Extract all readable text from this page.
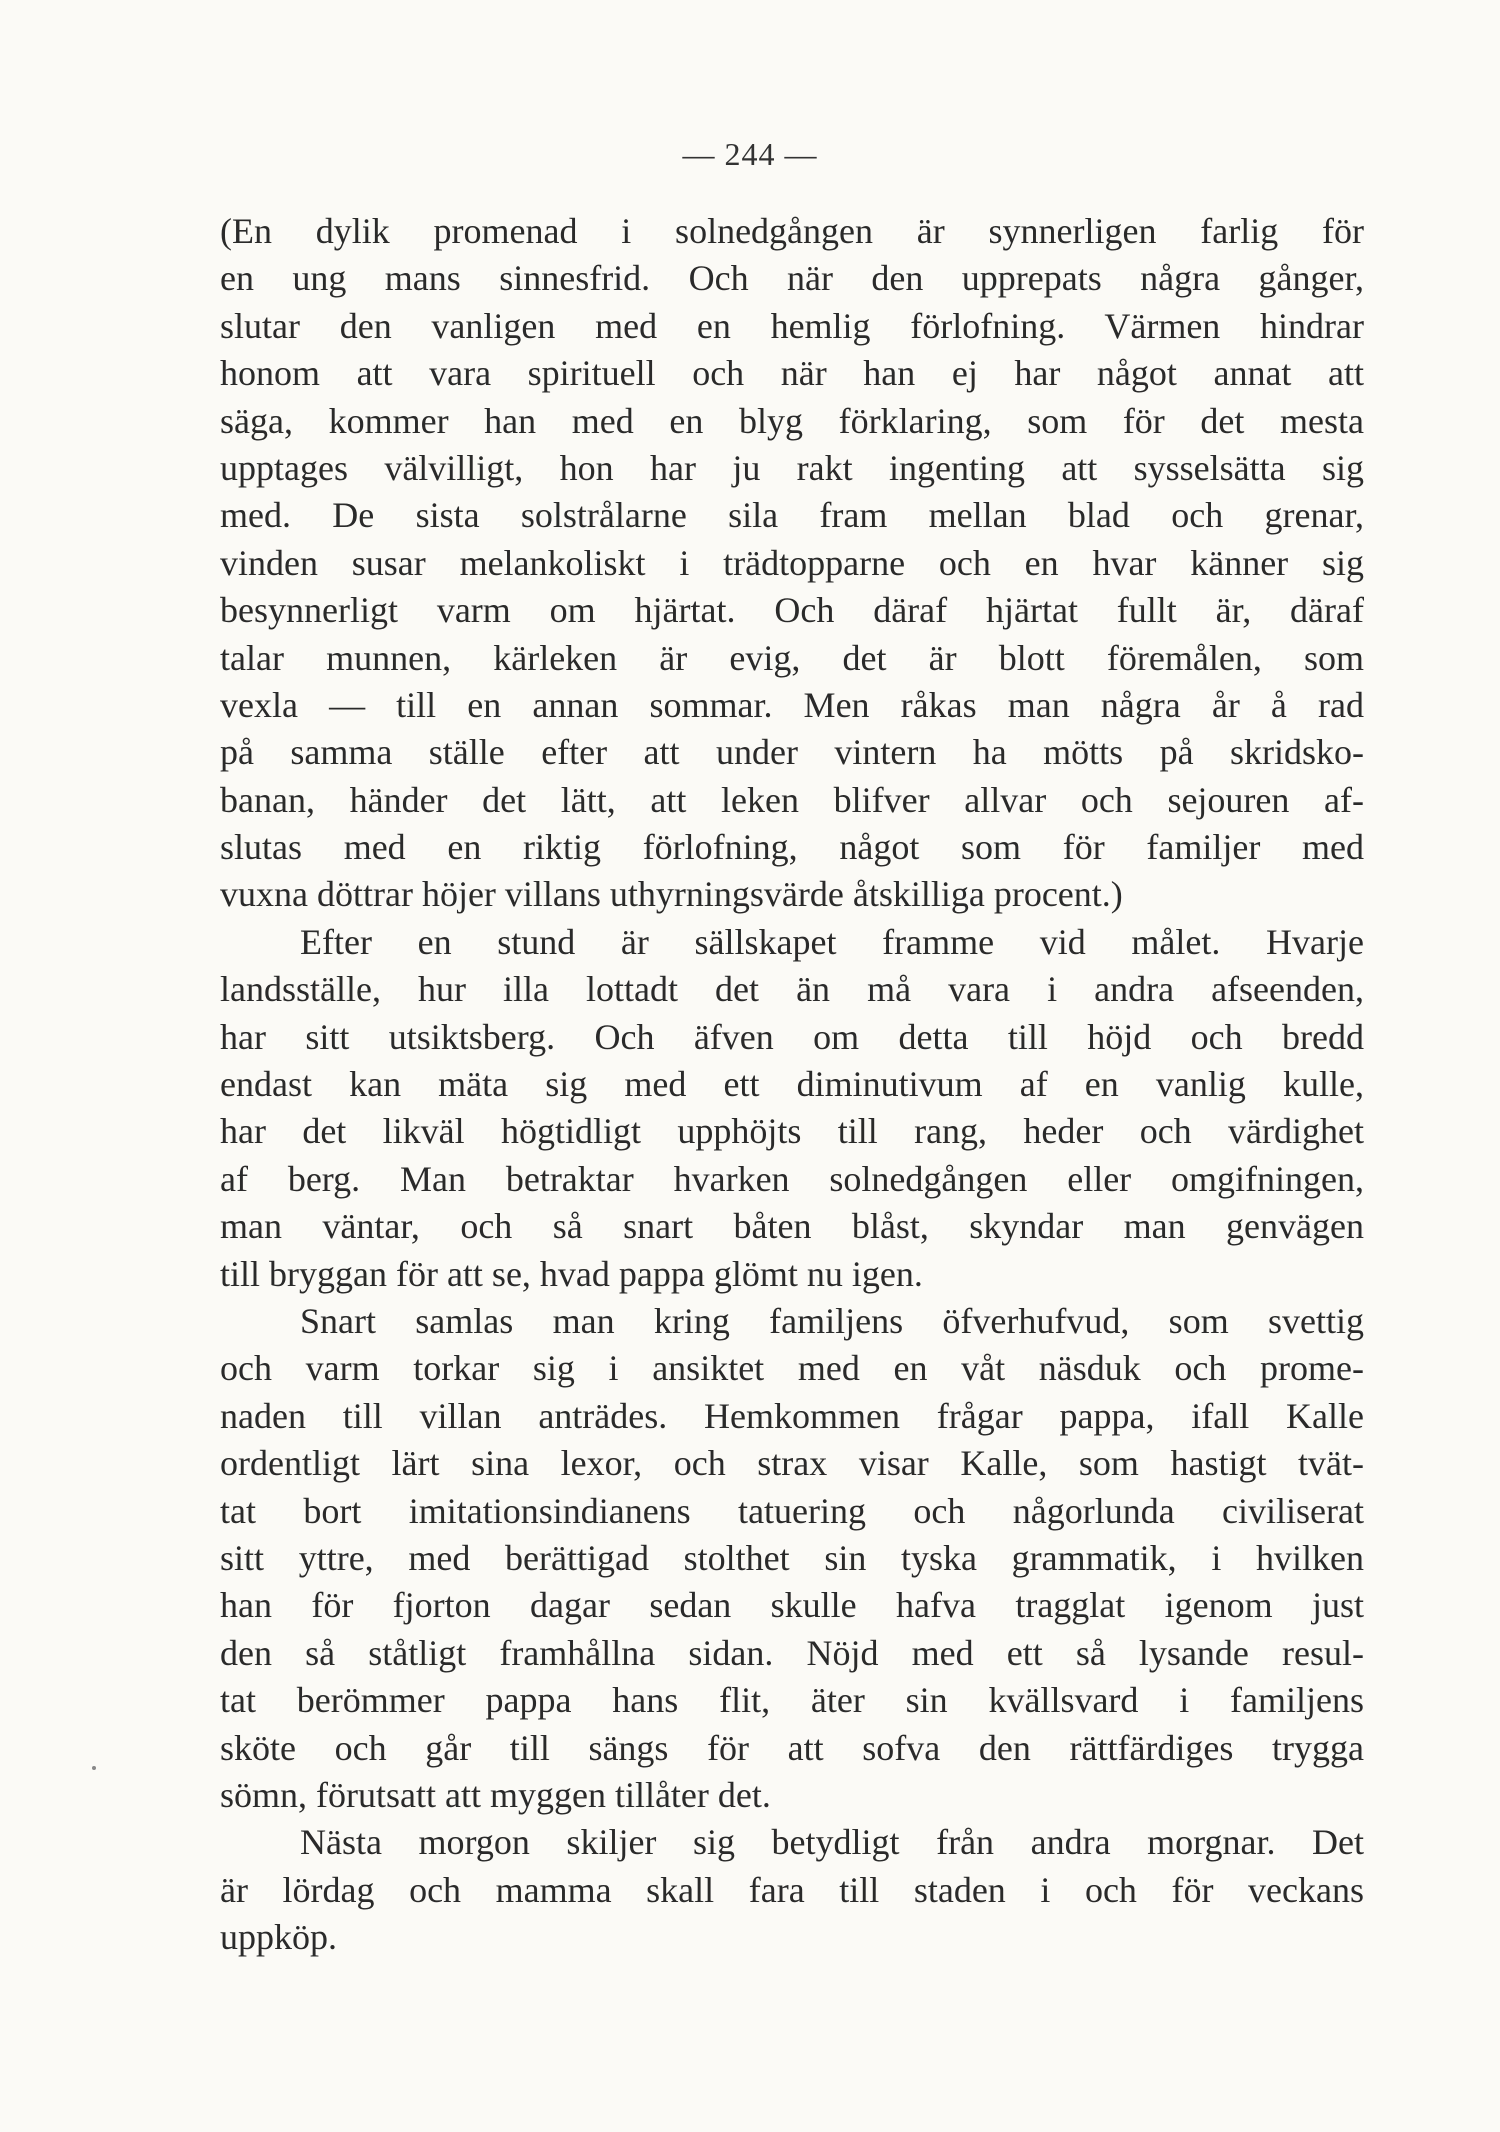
— 244 —
(En dylik promenad i solnedgången är synnerligen farlig för
en ung mans sinnesfrid. Och när den upprepats några gånger,
slutar den vanligen med en hemlig förlofning. Värmen hindrar
honom att vara spirituell och när han ej har något annat att
säga, kommer han med en blyg förklaring, som för det mesta
upptages välvilligt, hon har ju rakt ingenting att sysselsätta sig
med. De sista solstrålarne sila fram mellan blad och grenar,
vinden susar melankoliskt i trädtopparne och en hvar känner sig
besynnerligt varm om hjärtat. Och däraf hjärtat fullt är, däraf
talar munnen, kärleken är evig, det är blott föremålen, som
vexla — till en annan sommar. Men råkas man några år å rad
på samma ställe efter att under vintern ha mötts på skridsko-
banan, händer det lätt, att leken blifver allvar och sejouren af-
slutas med en riktig förlofning, något som för familjer med
vuxna döttrar höjer villans uthyrningsvärde åtskilliga procent.)
Efter en stund är sällskapet framme vid målet. Hvarje
landsställe, hur illa lottadt det än må vara i andra afseenden,
har sitt utsiktsberg. Och äfven om detta till höjd och bredd
endast kan mäta sig med ett diminutivum af en vanlig kulle,
har det likväl högtidligt upphöjts till rang, heder och värdighet
af berg. Man betraktar hvarken solnedgången eller omgifningen,
man väntar, och så snart båten blåst, skyndar man genvägen
till bryggan för att se, hvad pappa glömt nu igen.
Snart samlas man kring familjens öfverhufvud, som svettig
och varm torkar sig i ansiktet med en våt näsduk och prome-
naden till villan anträdes. Hemkommen frågar pappa, ifall Kalle
ordentligt lärt sina lexor, och strax visar Kalle, som hastigt tvät-
tat bort imitationsindianens tatuering och någorlunda civiliserat
sitt yttre, med berättigad stolthet sin tyska grammatik, i hvilken
han för fjorton dagar sedan skulle hafva tragglat igenom just
den så ståtligt framhållna sidan. Nöjd med ett så lysande resul-
tat berömmer pappa hans flit, äter sin kvällsvard i familjens
sköte och går till sängs för att sofva den rättfärdiges trygga
sömn, förutsatt att myggen tillåter det.
Nästa morgon skiljer sig betydligt från andra morgnar. Det
är lördag och mamma skall fara till staden i och för veckans
uppköp.
